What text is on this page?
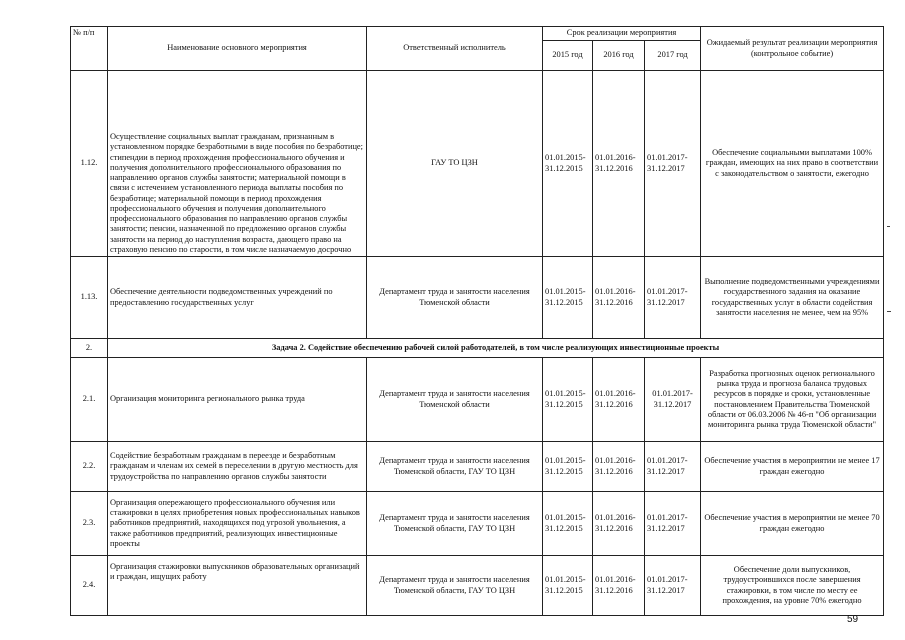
№ п/п	Наименование основного мероприятия	Ответственный исполнитель	Срок реализации мероприятия			Ожидаемый результат реализации мероприятия (контрольное событие)
			2015 год	2016 год	2017 год	
1.12.	Осуществление социальных выплат гражданам, признанным в установленном порядке безработными в виде пособия по безработице; стипендии в период прохождения профессионального обучения и получения дополнительного профессионального образования по направлению органов службы занятости; материальной помощи в связи с истечением установленного периода выплаты пособия по безработице; материальной помощи в период прохождения профессионального обучения и получения дополнительного профессионального образования по направлению органов службы занятости; пенсии, назначенной по предложению органов службы занятости на период до наступления возраста, дающего право на страховую пенсию по старости, в том числе назначаемую досрочно	ГАУ ТО ЦЗН	01.01.2015-31.12.2015	01.01.2016-31.12.2016	01.01.2017-31.12.2017	Обеспечение социальными выплатами 100% граждан, имеющих на них право в соответствии с законодательством о занятости, ежегодно
1.13.	Обеспечение деятельности подведомственных учреждений по предоставлению государственных услуг	Департамент труда и занятости населения Тюменской области	01.01.2015-31.12.2015	01.01.2016-31.12.2016	01.01.2017-31.12.2017	Выполнение подведомственными учреждениями государственного задания на оказание государственных услуг в области содействия занятости населения не менее, чем на 95%
2.	Задача 2. Содействие обеспечению рабочей силой работодателей, в том числе реализующих инвестиционные проекты					
2.1.	Организация мониторинга регионального рынка труда	Департамент труда и занятости населения Тюменской области	01.01.2015-31.12.2015	01.01.2016-31.12.2016	01.01.2017-31.12.2017	Разработка прогнозных оценок регионального рынка труда и прогноза баланса трудовых ресурсов в порядке и сроки, установленные постановлением Правительства Тюменской области от 06.03.2006 № 46-п "Об организации мониторинга рынка труда Тюменской области"
2.2.	Содействие безработным гражданам в переезде и безработным гражданам и членам их семей в переселении в другую местность для трудоустройства по направлению органов службы занятости	Департамент труда и занятости населения Тюменской области, ГАУ ТО ЦЗН	01.01.2015-31.12.2015	01.01.2016-31.12.2016	01.01.2017-31.12.2017	Обеспечение участия в мероприятии не менее 17 граждан ежегодно
2.3.	Организация опережающего профессионального обучения или стажировки в целях приобретения новых профессиональных навыков работников предприятий, находящихся под угрозой увольнения, а также работников предприятий, реализующих инвестиционные проекты	Департамент труда и занятости населения Тюменской области, ГАУ ТО ЦЗН	01.01.2015-31.12.2015	01.01.2016-31.12.2016	01.01.2017-31.12.2017	Обеспечение участия в мероприятии не менее 70 граждан ежегодно
2.4.	Организация стажировки выпускников образовательных организаций и граждан, ищущих работу	Департамент труда и занятости населения Тюменской области, ГАУ ТО ЦЗН	01.01.2015-31.12.2015	01.01.2016-31.12.2016	01.01.2017-31.12.2017	Обеспечение доли выпускников, трудоустроившихся после завершения стажировки, в том числе по месту ее прохождения, на уровне 70% ежегодно
59
